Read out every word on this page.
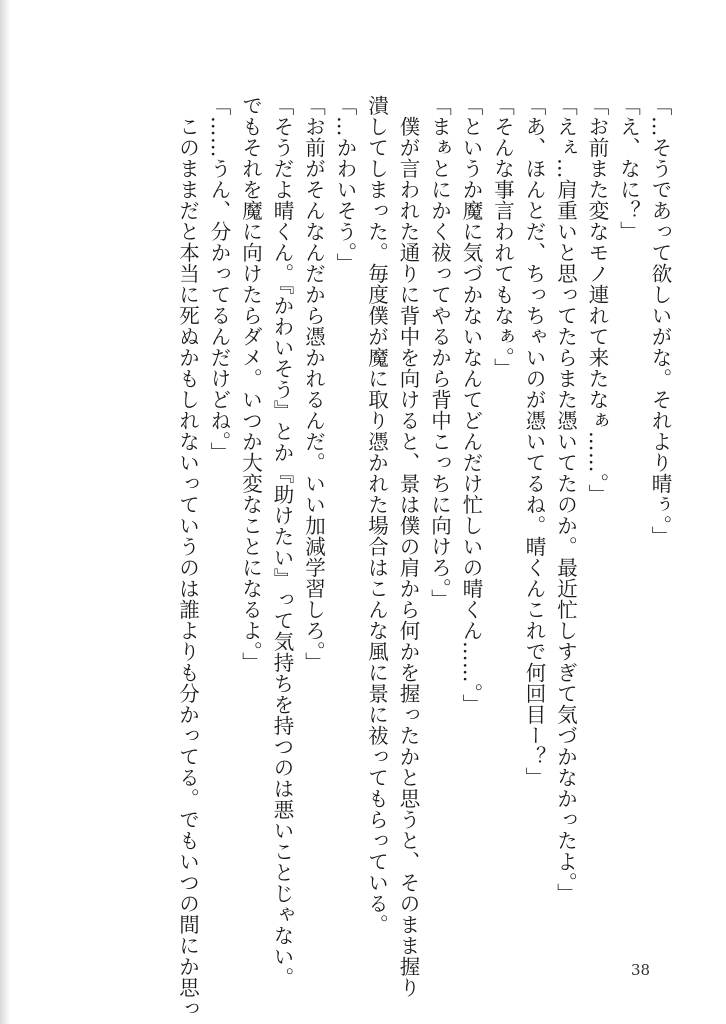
「…そうであって欲しいがな。それより晴ぅ。」

「え、なに？」

「お前また変なモノ連れて来たなぁ……。」

「えぇ…肩重いと思ってたらまた憑いてたのか。最近忙しすぎて気づかなかったよ。」

「あ、ほんとだ、ちっちゃいのが憑いてるね。晴くんこれで何回目ー？」

「そんな事言われてもなぁ。」

「というか魔に気づかないなんてどんだけ忙しいの晴くん……。」

「まぁとにかく祓ってやるから背中こっちに向けろ。」

　僕が言われた通りに背中を向けると、景は僕の肩から何かを握ったかと思うと、そのまま握り

潰してしまった。毎度僕が魔に取り憑かれた場合はこんな風に景に祓ってもらっている。

「…かわいそう。」

「お前がそんなんだから憑かれるんだ。いい加減学習しろ。」

「そうだよ晴くん。『かわいそう』とか『助けたい』って気持ちを持つのは悪いことじゃない。

でもそれを魔に向けたらダメ。いつか大変なことになるよ。」

「……うん、分かってるんだけどね。」

　このままだと本当に死ぬかもしれないっていうのは誰よりも分かってる。でもいつの間にか思っ	38
